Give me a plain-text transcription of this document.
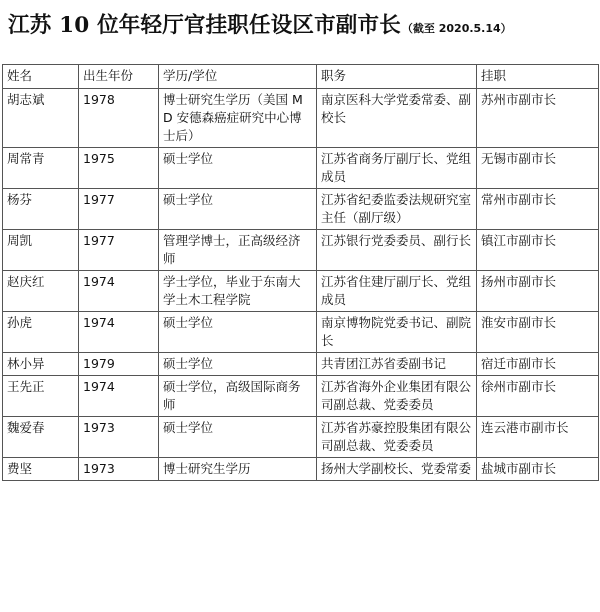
江苏 10 位年轻厅官挂职任设区市副市长（截至 2020.5.14）
姓名	出生年份	学历/学位	职务	挂职
胡志斌	1978	博士研究生学历（美国 MD 安德森癌症研究中心博士后）	南京医科大学党委常委、副校长	苏州市副市长
周常青	1975	硕士学位	江苏省商务厅副厅长、党组成员	无锡市副市长
杨芬	1977	硕士学位	江苏省纪委监委法规研究室主任（副厅级）	常州市副市长
周凯	1977	管理学博士，正高级经济师	江苏银行党委委员、副行长	镇江市副市长
赵庆红	1974	学士学位，毕业于东南大学土木工程学院	江苏省住建厅副厅长、党组成员	扬州市副市长
孙虎	1974	硕士学位	南京博物院党委书记、副院长	淮安市副市长
林小异	1979	硕士学位	共青团江苏省委副书记	宿迁市副市长
王先正	1974	硕士学位，高级国际商务师	江苏省海外企业集团有限公司副总裁、党委委员	徐州市副市长
魏爱春	1973	硕士学位	江苏省苏豪控股集团有限公司副总裁、党委委员	连云港市副市长
费坚	1973	博士研究生学历	扬州大学副校长、党委常委	盐城市副市长
